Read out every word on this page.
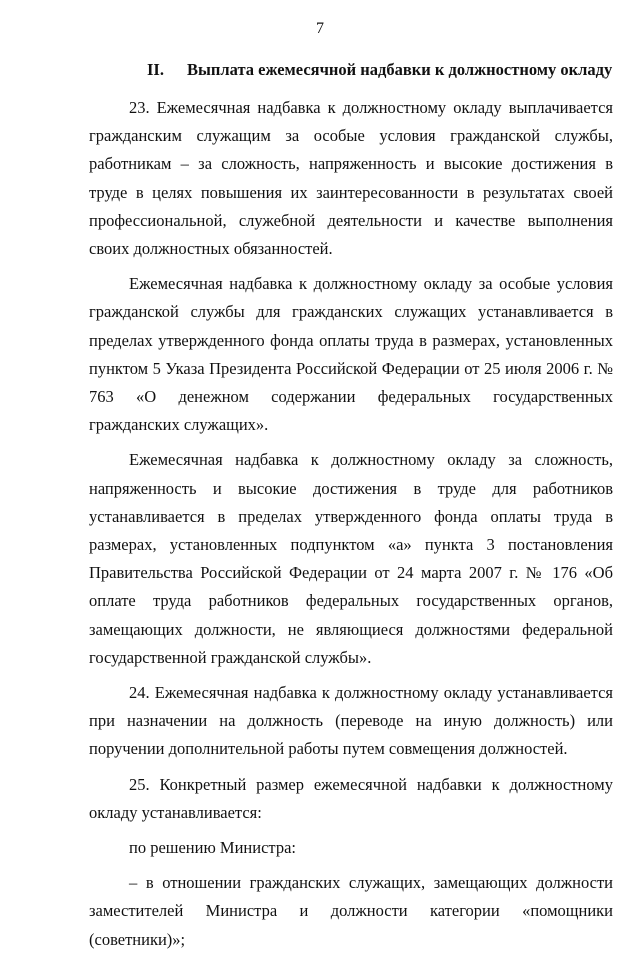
7
II. Выплата ежемесячной надбавки к должностному окладу

23. Ежемесячная надбавка к должностному окладу выплачивается гражданским служащим за особые условия гражданской службы, работникам – за сложность, напряженность и высокие достижения в труде в целях повышения их заинтересованности в результатах своей профессиональной, служебной деятельности и качестве выполнения своих должностных обязанностей.

Ежемесячная надбавка к должностному окладу за особые условия гражданской службы для гражданских служащих устанавливается в пределах утвержденного фонда оплаты труда в размерах, установленных пунктом 5 Указа Президента Российской Федерации от 25 июля 2006 г. № 763 «О денежном содержании федеральных государственных гражданских служащих».

Ежемесячная надбавка к должностному окладу за сложность, напряженность и высокие достижения в труде для работников устанавливается в пределах утвержденного фонда оплаты труда в размерах, установленных подпунктом «а» пункта 3 постановления Правительства Российской Федерации от 24 марта 2007 г. № 176 «Об оплате труда работников федеральных государственных органов, замещающих должности, не являющиеся должностями федеральной государственной гражданской службы».

24. Ежемесячная надбавка к должностному окладу устанавливается при назначении на должность (переводе на иную должность) или поручении дополнительной работы путем совмещения должностей.

25. Конкретный размер ежемесячной надбавки к должностному окладу устанавливается:

по решению Министра:

– в отношении гражданских служащих, замещающих должности заместителей Министра и должности категории «помощники (советники)»;
